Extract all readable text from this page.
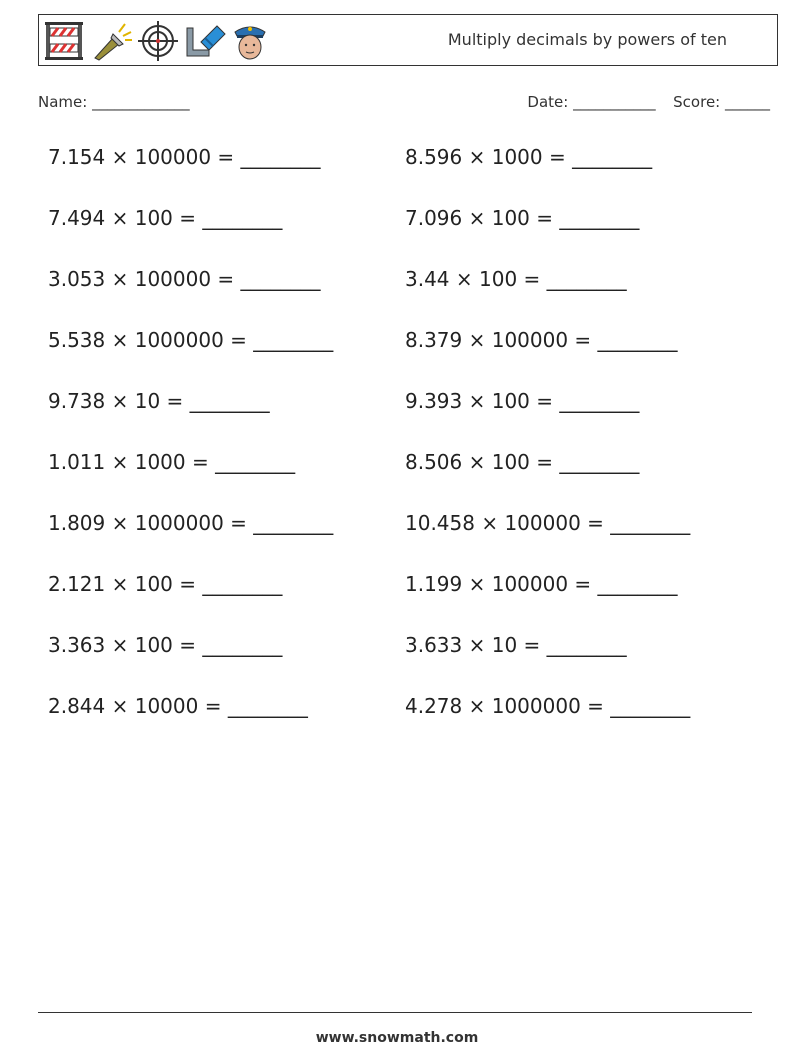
Multiply decimals by powers of ten
Name: _____________	Date: ___________ Score: ______
7.154 × 100000 = ________	8.596 × 1000 = ________
7.494 × 100 = ________	7.096 × 100 = ________
3.053 × 100000 = ________	3.44 × 100 = ________
5.538 × 1000000 = ________	8.379 × 100000 = ________
9.738 × 10 = ________	9.393 × 100 = ________
1.011 × 1000 = ________	8.506 × 100 = ________
1.809 × 1000000 = ________	10.458 × 100000 = ________
2.121 × 100 = ________	1.199 × 100000 = ________
3.363 × 100 = ________	3.633 × 10 = ________
2.844 × 10000 = ________	4.278 × 1000000 = ________
www.snowmath.com
